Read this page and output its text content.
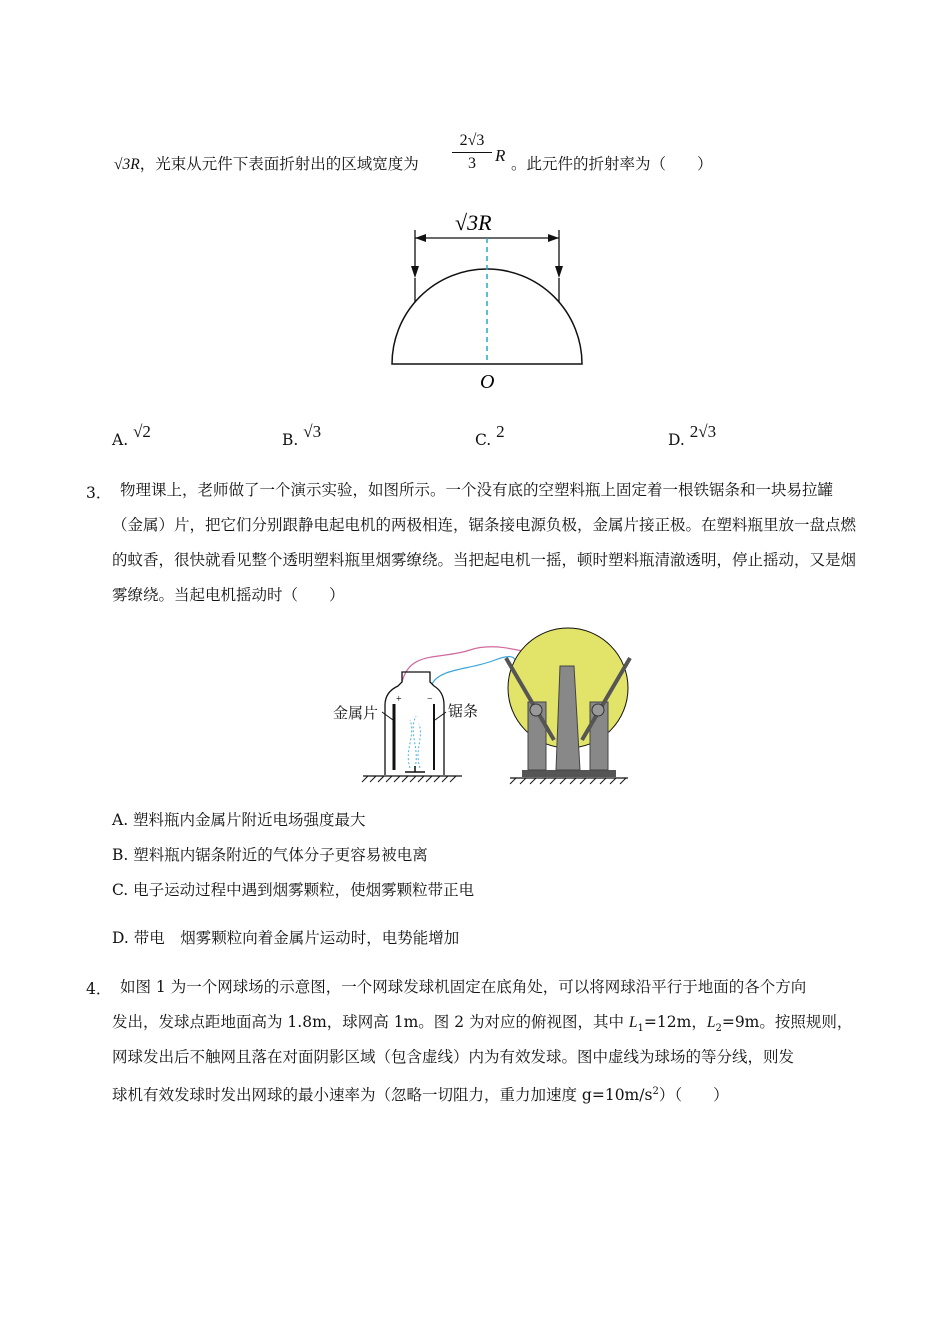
√3R，光束从元件下表面折射出的区域宽度为 $\frac{2√3}{3}$ R 。此元件的折射率为（　　）
√3R
O
A. √2	B. √3	C. 2	D. 2√3
3． 物理课上，老师做了一个演示实验，如图所示。一个没有底的空塑料瓶上固定着一根铁锯条和一块易拉罐（金属）片，把它们分别跟静电起电机的两极相连，锯条接电源负极，金属片接正极。在塑料瓶里放一盘点燃的蚊香，很快就看见整个透明塑料瓶里烟雾缭绕。当把起电机一摇，顿时塑料瓶清澈透明，停止摇动，又是烟雾缭绕。当起电机摇动时（　　）
+	−
金属片	锯条
A. 塑料瓶内金属片附近电场强度最大
B. 塑料瓶内锯条附近的气体分子更容易被电离
C. 电子运动过程中遇到烟雾颗粒，使烟雾颗粒带正电
D. 带电　烟雾颗粒向着金属片运动时，电势能增加
4． 如图 1 为一个网球场的示意图，一个网球发球机固定在底角处，可以将网球沿平行于地面的各个方向
发出，发球点距地面高为 1.8m，球网高 1m。图 2 为对应的俯视图，其中 $L_1=12m$，$L_2=9m$。按照规则，
网球发出后不触网且落在对面阴影区域（包含虚线）内为有效发球。图中虚线为球场的等分线，则发
球机有效发球时发出网球的最小速率为（忽略一切阻力，重力加速度 $g=10m/s^2$）（　　）
